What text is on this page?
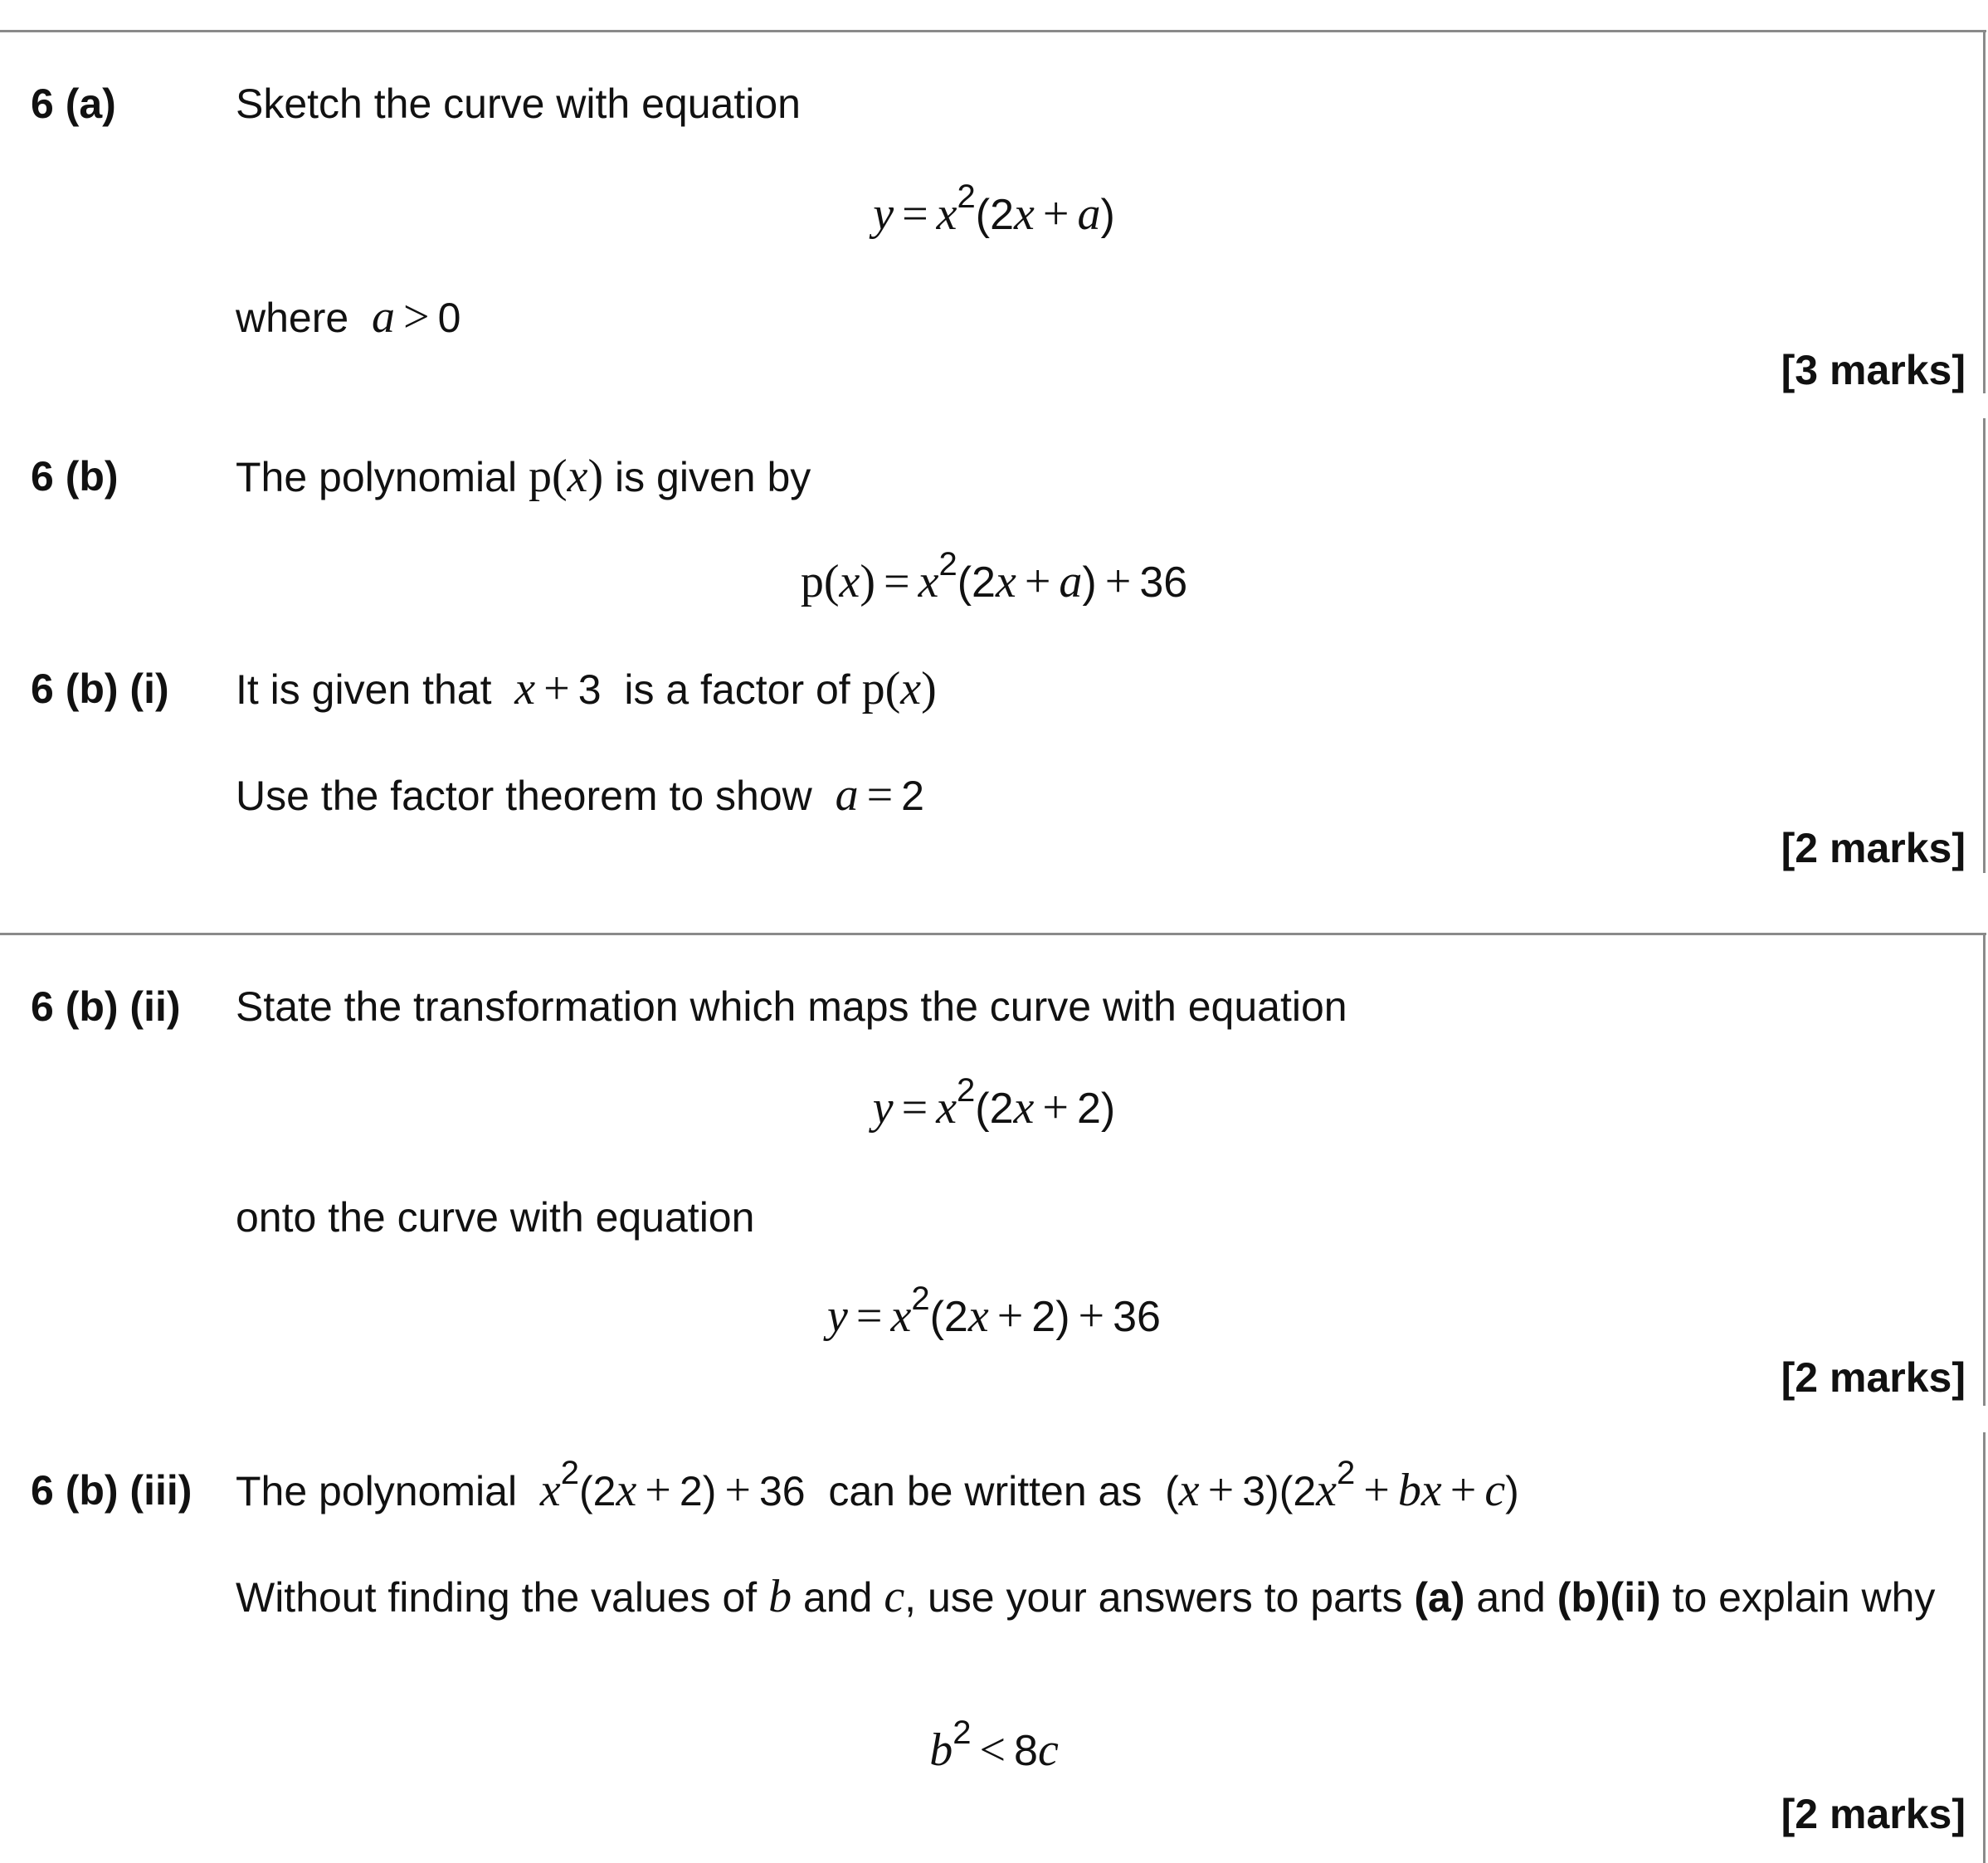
6 (a)	Sketch the curve with equation
$y = x^2(2x + a)$
where a > 0
[3 marks]
6 (b)	The polynomial p(x) is given by
$p(x) = x^2(2x + a) + 36$
6 (b) (i) It is given that x + 3  is a factor of p(x)
Use the factor theorem to show a = 2
[2 marks]
6 (b) (ii) State the transformation which maps the curve with equation
$y = x^2(2x + 2)$
onto the curve with equation
$y = x^2(2x + 2) + 36$
[2 marks]
6 (b) (iii) The polynomial $x^2(2x + 2) + 36$  can be written as  $(x + 3)(2x^2$ + bx + c)
Without finding the values of b and c, use your answers to parts (a) and (b)(ii) to explain why
$b^2 < 8c$
[2 marks]
